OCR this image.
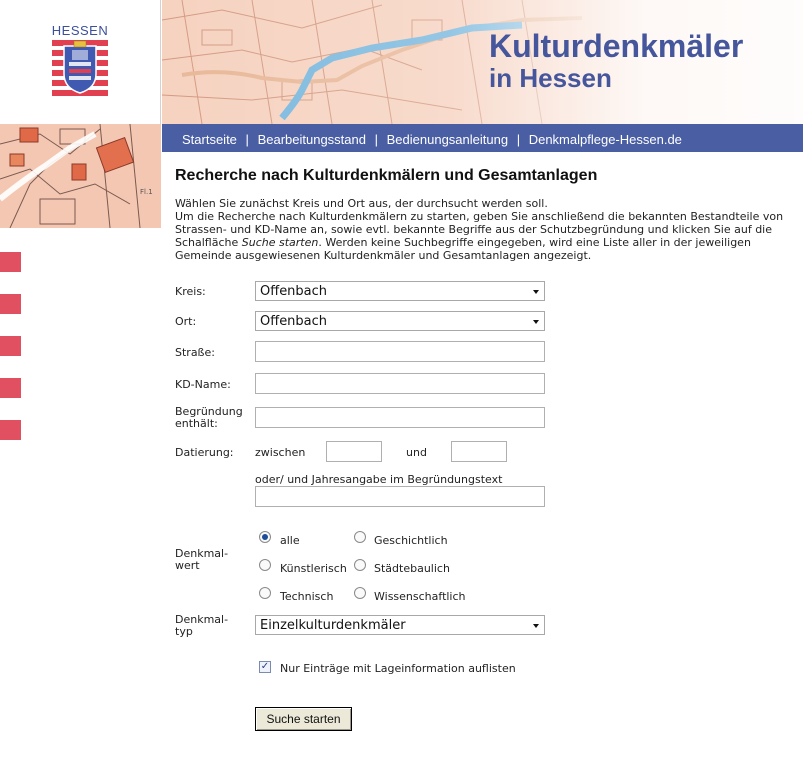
HESSEN	Kulturdenkmäler
in Hessen
Fl.1
Startseite | Bearbeitungsstand | Bedienungsanleitung | Denkmalpflege-Hessen.de
Recherche nach Kulturdenkmälern und Gesamtanlagen
Wählen Sie zunächst Kreis und Ort aus, der durchsucht werden soll.
Um die Recherche nach Kulturdenkmälern zu starten, geben Sie anschließend die bekannten Bestandteile von Strassen- und KD-Name an, sowie evtl. bekannte Begriffe aus der Schutzbegründung und klicken Sie auf die Schalfläche Suche starten. Werden keine Suchbegriffe eingegeben, wird eine Liste aller in der jeweiligen Gemeinde ausgewiesenen Kulturdenkmäler und Gesamtanlagen angezeigt.
Kreis:	Offenbach
Ort:	Offenbach
Straße:
KD-Name:
Begründung
enthält:
Datierung: zwischen	und
oder/ und Jahresangabe im Begründungstext
Denkmal-
wert
alle	Geschichtlich
Künstlerisch Städtebaulich
Technisch	Wissenschaftlich
Denkmal-
typ	Einzelkulturdenkmäler
✓ Nur Einträge mit Lageinformation auflisten
Suche starten
